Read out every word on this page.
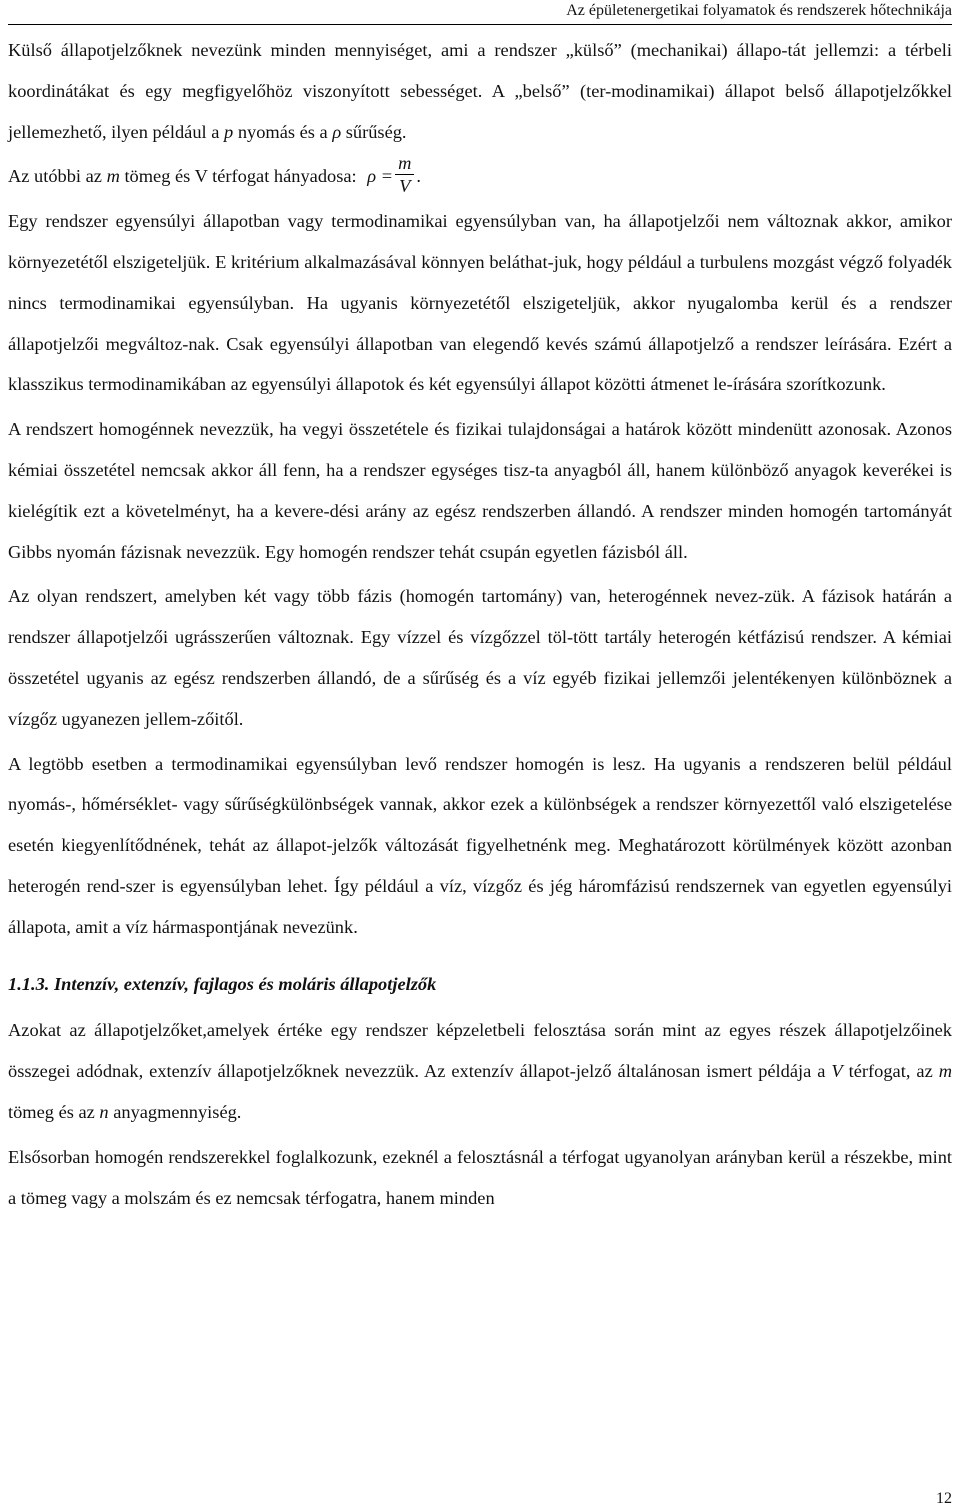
Az épületenergetikai folyamatok és rendszerek hőtechnikája

Külső állapotjelzőknek nevezünk minden mennyiséget, ami a rendszer „külső” (mechanikai) állapo-tát jellemzi: a térbeli koordinátákat és egy megfigyelőhöz viszonyított sebességet. A „belső” (ter-modinamikai) állapot belső állapotjelzőkkel jellemezhető, ilyen például a p nyomás és a ρ sűrűség.

Az utóbbi az m tömeg és V térfogat hányadosa: $\rho = \frac{m}{V}$ .

Egy rendszer egyensúlyi állapotban vagy termodinamikai egyensúlyban van, ha állapotjelzői nem változnak akkor, amikor környezetétől elszigeteljük. E kritérium alkalmazásával könnyen beláthat-juk, hogy például a turbulens mozgást végző folyadék nincs termodinamikai egyensúlyban. Ha ugyanis környezetétől elszigeteljük, akkor nyugalomba kerül és a rendszer állapotjelzői megváltoz-nak. Csak egyensúlyi állapotban van elegendő kevés számú állapotjelző a rendszer leírására. Ezért a klasszikus termodinamikában az egyensúlyi állapotok és két egyensúlyi állapot közötti átmenet le-írására szorítkozunk.

A rendszert homogénnek nevezzük, ha vegyi összetétele és fizikai tulajdonságai a határok között mindenütt azonosak. Azonos kémiai összetétel nemcsak akkor áll fenn, ha a rendszer egységes tisz-ta anyagból áll, hanem különböző anyagok keverékei is kielégítik ezt a követelményt, ha a kevere-dési arány az egész rendszerben állandó. A rendszer minden homogén tartományát Gibbs nyomán fázisnak nevezzük. Egy homogén rendszer tehát csupán egyetlen fázisból áll.

Az olyan rendszert, amelyben két vagy több fázis (homogén tartomány) van, heterogénnek nevez-zük. A fázisok határán a rendszer állapotjelzői ugrásszerűen változnak. Egy vízzel és vízgőzzel töl-tött tartály heterogén kétfázisú rendszer. A kémiai összetétel ugyanis az egész rendszerben állandó, de a sűrűség és a víz egyéb fizikai jellemzői jelentékenyen különböznek a vízgőz ugyanezen jellem-zőitől.

A legtöbb esetben a termodinamikai egyensúlyban levő rendszer homogén is lesz. Ha ugyanis a rendszeren belül például nyomás-, hőmérséklet- vagy sűrűségkülönbségek vannak, akkor ezek a különbségek a rendszer környezettől való elszigetelése esetén kiegyenlítődnének, tehát az állapot-jelzők változását figyelhetnénk meg. Meghatározott körülmények között azonban heterogén rend-szer is egyensúlyban lehet. Így például a víz, vízgőz és jég háromfázisú rendszernek van egyetlen egyensúlyi állapota, amit a víz hármaspontjának nevezünk.

1.1.3. Intenzív, extenzív, fajlagos és moláris állapotjelzők

Azokat az állapotjelzőket,amelyek értéke egy rendszer képzeletbeli felosztása során mint az egyes részek állapotjelzőinek összegei adódnak, extenzív állapotjelzőknek nevezzük. Az extenzív állapot-jelző általánosan ismert példája a V térfogat, az m tömeg és az n anyagmennyiség.

Elsősorban homogén rendszerekkel foglalkozunk, ezeknél a felosztásnál a térfogat ugyanolyan arányban kerül a részekbe, mint a tömeg vagy a molszám és ez nemcsak térfogatra, hanem minden

12
